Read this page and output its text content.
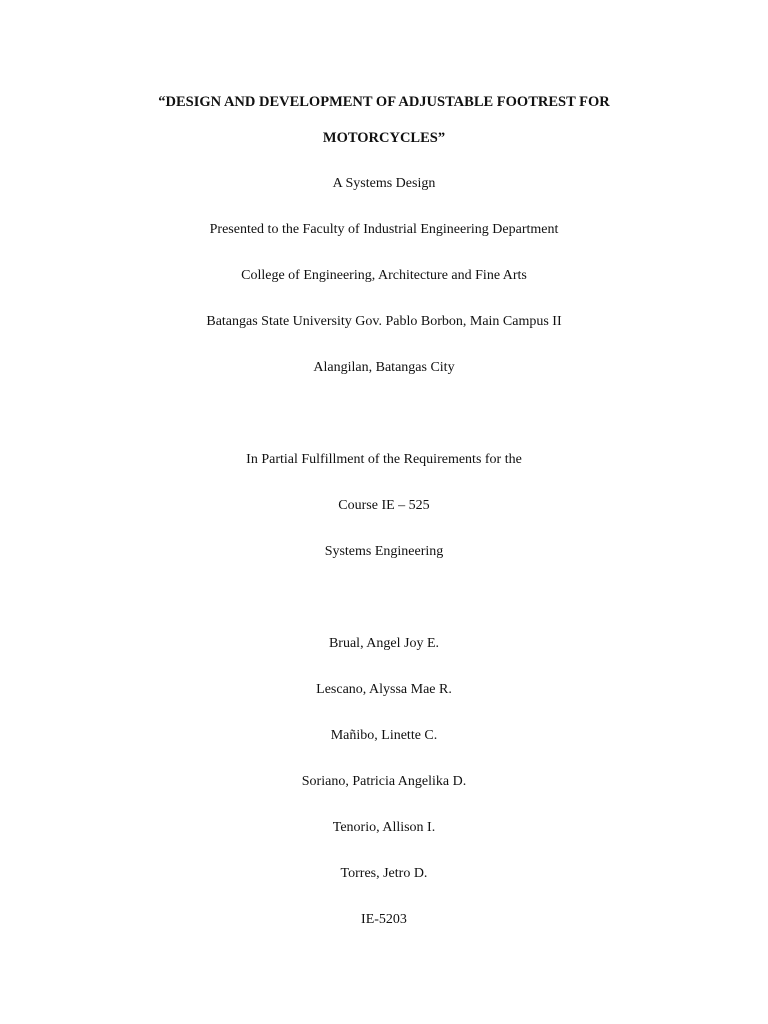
“DESIGN AND DEVELOPMENT OF ADJUSTABLE FOOTREST FOR
MOTORCYCLES”
A Systems Design
Presented to the Faculty of Industrial Engineering Department
College of Engineering, Architecture and Fine Arts
Batangas State University Gov. Pablo Borbon, Main Campus II
Alangilan, Batangas City
In Partial Fulfillment of the Requirements for the
Course IE – 525
Systems Engineering
Brual, Angel Joy E.
Lescano, Alyssa Mae R.
Mañibo, Linette C.
Soriano, Patricia Angelika D.
Tenorio, Allison I.
Torres, Jetro D.
IE-5203
